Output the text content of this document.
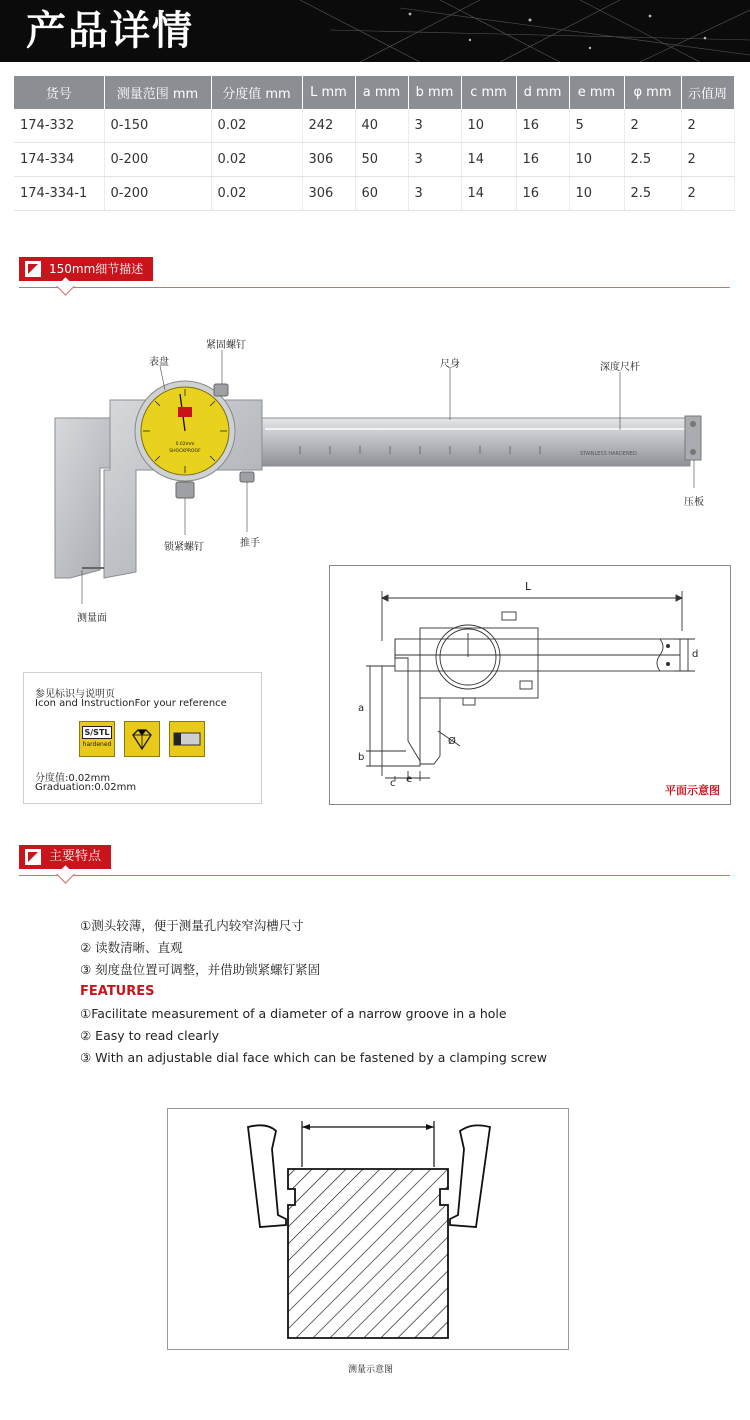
产品详情
货号	测量范围 mm	分度值 mm	L mm	a mm	b mm	c mm	d mm	e mm	φ mm	示值周
174-332	0-150	0.02	242	40	3	10	16	5	2	2
174-334	0-200	0.02	306	50	3	14	16	10	2.5	2
174-334-1	0-200	0.02	306	60	3	14	16	10	2.5	2
150mm细节描述
STAINLESS HARDENED
0.02mm
SHOCKPROOF
紧固螺钉
表盘	尺身	深度尺杆
压板
锁紧螺钉	推手
测量面
参见标识与说明页
Icon and InstructionFor your reference
S/STL
hardened
分度值:0.02mm
Graduation:0.02mm
L
d
a
b
c e
Ø
平面示意图
主要特点
①测头较薄，便于测量孔内较窄沟槽尺寸
② 读数清晰、直观
③ 刻度盘位置可调整，并借助锁紧螺钉紧固
FEATURES
①Facilitate measurement of a diameter of a narrow groove in a hole
② Easy to read clearly
③ With an adjustable dial face which can be fastened by a clamping screw
测量示意图
